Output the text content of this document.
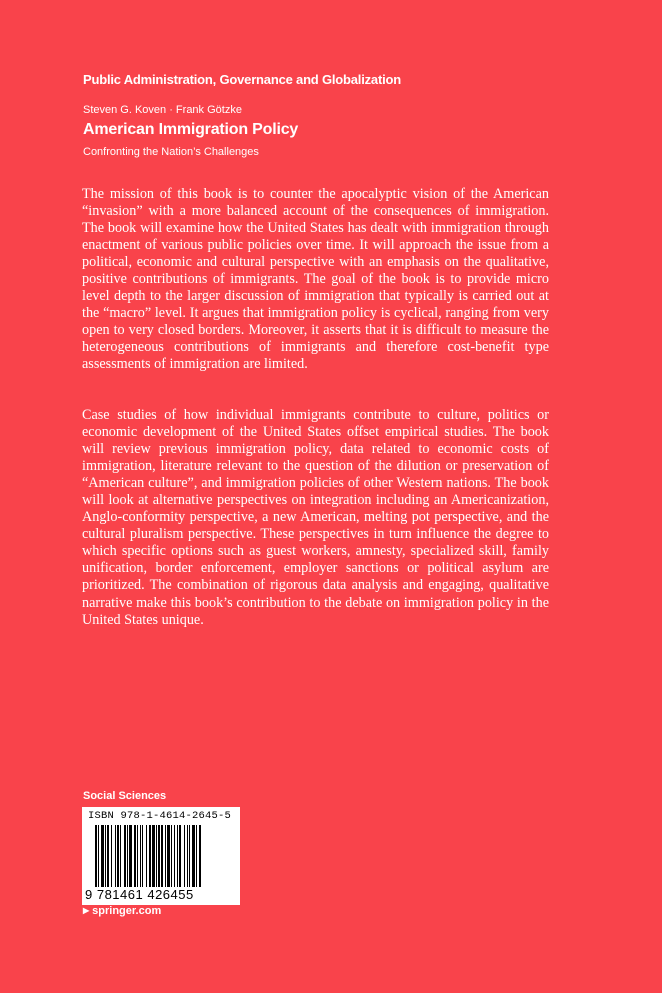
Public Administration, Governance and Globalization
Steven G. Koven · Frank Götzke
American Immigration Policy
Confronting the Nation’s Challenges

The mission of this book is to counter the apocalyptic vision of the American “invasion” with a more balanced account of the consequences of immigration. The book will examine how the United States has dealt with immigration through enactment of various public policies over time. It will approach the issue from a political, economic and cultural perspective with an emphasis on the qualitative, positive contributions of immigrants. The goal of the book is to provide micro level depth to the larger discussion of immigration that typically is carried out at the “macro” level. It argues that immigration policy is cyclical, ranging from very open to very closed borders. Moreover, it asserts that it is difficult to measure the heterogeneous contributions of immigrants and therefore cost-benefit type assessments of immigration are limited.

Case studies of how individual immigrants contribute to culture, politics or economic development of the United States offset empirical studies. The book will review previous immigration policy, data related to economic costs of immigration, literature relevant to the question of the dilution or preservation of “American culture”, and immigration policies of other Western nations. The book will look at alternative perspectives on integration including an Americanization, Anglo-conformity perspective, a new American, melting pot perspective, and the cultural pluralism perspective. These perspectives in turn influence the degree to which specific options such as guest workers, amnesty, specialized skill, family unification, border enforcement, employer sanctions or political asylum are prioritized. The combination of rigorous data analysis and engaging, qualitative narrative make this book’s contribution to the debate on immigration policy in the United States unique.

Social Sciences
ISBN 978-1-4614-2645-5
9 781461 426455
▶ springer.com
